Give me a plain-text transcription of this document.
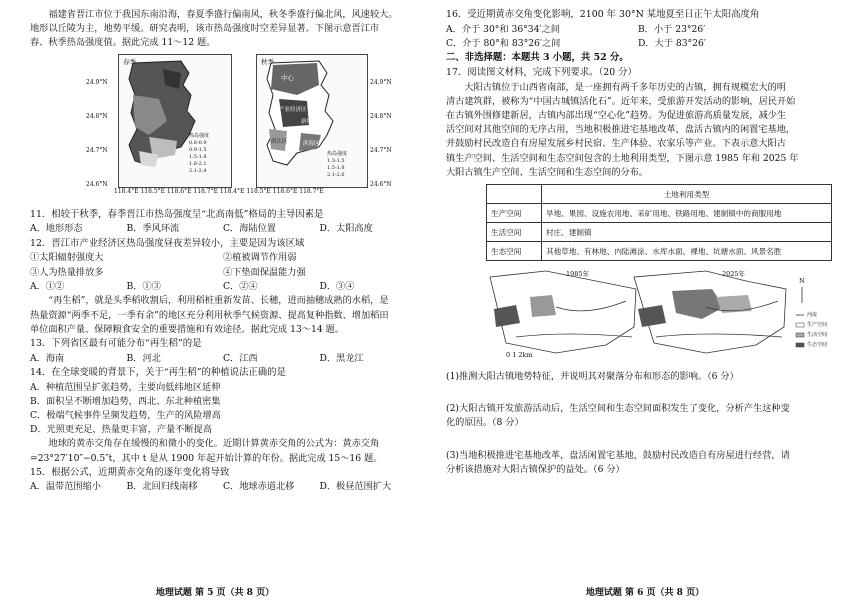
福建省晋江市位于我国东南沿海，春夏季盛行偏南风，秋冬季盛行偏北风，风速较大。

地形以丘陵为主，地势平缓。研究表明，该市热岛强度时空差异显著。下图示意晋江市

春、秋季热岛强度值。据此完成 11～12 题。

春季
热岛强度
0.6-0.9
0.9-1.5
1.5-1.8
1.8-2.1
2.1-2.4
秋季
中心
产业经济区
滨海区
滨江区
新城区
热岛强度
1.3-1.5
1.5-1.8
2.1-2.6
24.9°N
24.8°N
24.7°N
24.6°N
24.9°N
24.8°N
24.7°N
24.6°N
118.4°E 118.5°E 118.6°E 118.7°E 118.4°E 118.5°E 118.6°E 118.7°E

11．相较于秋季，春季晋江市热岛强度呈“北高南低”格局的主导因素是

A．地形形态	B．季风环流	C．海陆位置	D．太阳高度

12．晋江市产业经济区热岛强度昼夜差异较小，主要是因为该区域

①太阳辐射强度大	②植被调节作用弱
③人为热量排放多	④下垫面保温能力强
A．①②	B．①③	C．②④	D．③④

“再生稻”，就是头季稻收割后，利用稻桩重新发苗、长穗，进而抽穗成熟的水稻，是

热量资源“两季不足，一季有余”的地区充分利用秋季气候资源、提高复种指数、增加稻田

单位面积产量、保障粮食安全的重要措施和有效途径。据此完成 13～14 题。

13．下列省区最有可能分布“再生稻”的是

A．海南	B．河北	C．江西	D．黑龙江

14．在全球变暖的背景下，关于“再生稻”的种植说法正确的是

A．种植范围呈扩张趋势，主要向低纬地区延伸

B．面积呈不断增加趋势，西北、东北种植密集

C．极端气候事件呈频发趋势，生产的风险增高

D．光照更充足，热量更丰富，产量不断提高

地球的黄赤交角存在缓慢的和微小的变化。近期计算黄赤交角的公式为：黄赤交角

=23°27′10″−0.5″t，其中 t 是从 1900 年起开始计算的年份。据此完成 15～16 题。

15．根据公式，近期黄赤交角的逐年变化将导致

A．温带范围缩小	B．北回归线南移	C．地球赤道北移	D．极昼范围扩大
地理试题 第 5 页（共 8 页）

16．受近期黄赤交角变化影响，2100 年 30°N 某地夏至日正午太阳高度角

A．介于 30°和 36°34′之间	B．小于 23°26′
C．介于 80°和 83°26′之间	D．大于 83°26′

二、非选择题：本题共 3 小题，共 52 分。

17．阅读图文材料，完成下列要求。（20 分）

大阳古镇位于山西省南部，是一座拥有两千多年历史的古镇，拥有规模宏大的明

清古建筑群，被称为“中国古城镇活化石”。近年来，受旅游开发活动的影响，居民开始

在古镇外围修建新居，古镇内部出现“空心化”趋势。为促进旅游高质量发展，减少生

活空间对其他空间的无序占用，当地积极推进宅基地改革，盘活古镇内的闲置宅基地，

并鼓励村民改造自有房屋发展乡村民宿、生产体验、农家乐等产业。下表示意大阳古

镇生产空间、生活空间和生态空间包含的土地利用类型，下图示意 1985 年和 2025 年

大阳古镇生产空间、生活空间和生态空间的分布。

	土地利用类型
生产空间	旱地、果园、设施农用地、采矿用地、铁路用地、建制镇中的商服用地
生活空间	村庄、建制镇
生态空间	其他草地、有林地、内陆滩涂、水库水面、裸地、坑塘水面、风景名胜
1985年	2025年
N
0 1 2km
河流
生产空间
生活空间
生态空间

(1)推测大阳古镇地势特征，并说明其对聚落分布和形态的影响。（6 分）

(2)大阳古镇开发旅游活动后，生活空间和生态空间面积发生了变化，分析产生这种变

化的原因。（8 分）

(3)当地积极推进宅基地改革，盘活闲置宅基地，鼓励村民改造自有房屋进行经营，请

分析该措施对大阳古镇保护的益处。（6 分）

地理试题 第 6 页（共 8 页）
